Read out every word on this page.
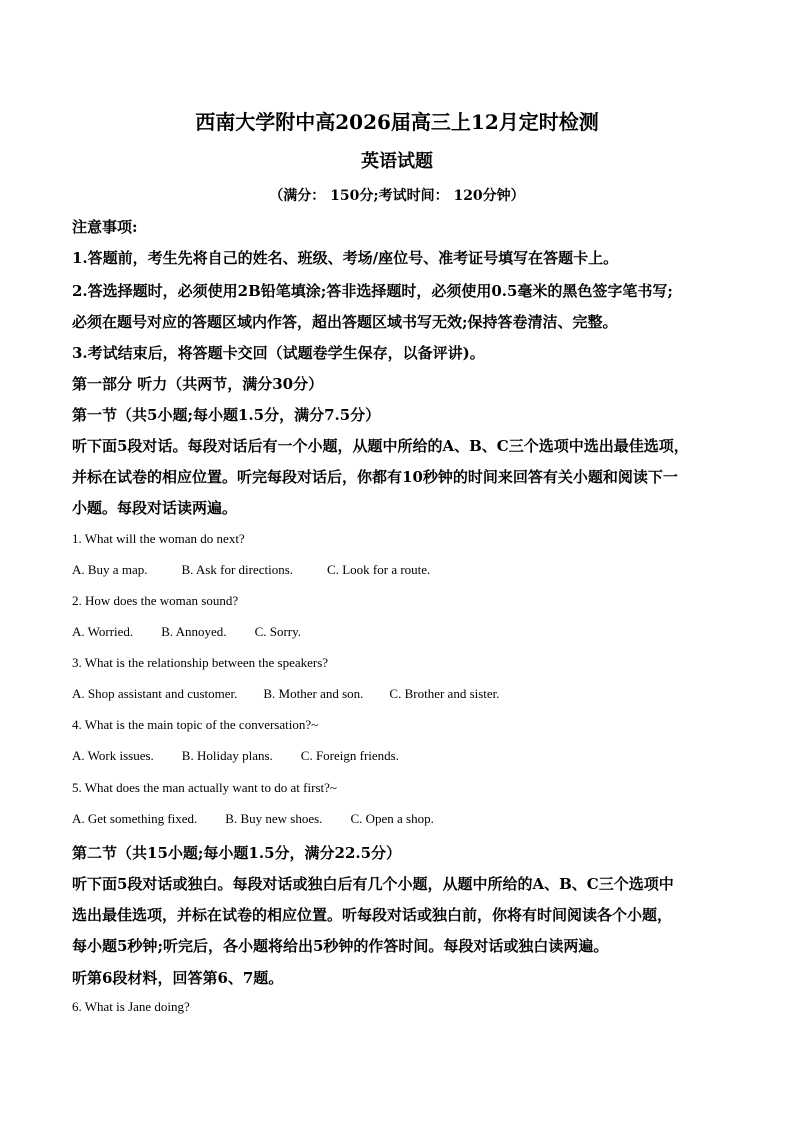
西南大学附中高2026届高三上12月定时检测
英语试题
（满分： 150分;考试时间： 120分钟）
注意事项:
1.答题前，考生先将自己的姓名、班级、考场/座位号、准考证号填写在答题卡上。
2.答选择题时，必须使用2B铅笔填涂;答非选择题时，必须使用0.5毫米的黑色签字笔书写;
必须在题号对应的答题区域内作答，超出答题区域书写无效;保持答卷清洁、完整。
3.考试结束后，将答题卡交回（试题卷学生保存，以备评讲)。
第一部分 听力（共两节，满分30分）
第一节（共5小题;每小题1.5分，满分7.5分）
听下面5段对话。每段对话后有一个小题，从题中所给的A、B、C三个选项中选出最佳选项，
并标在试卷的相应位置。听完每段对话后，你都有10秒钟的时间来回答有关小题和阅读下一
小题。每段对话读两遍。
1. What will the woman do next?
A. Buy a map.	B. Ask for directions.	C. Look for a route.
2. How does the woman sound?
A. Worried. B. Annoyed. C. Sorry.
3. What is the relationship between the speakers?
A. Shop assistant and customer. B. Mother and son. C. Brother and sister.
4. What is the main topic of the conversation?~
A. Work issues. B. Holiday plans. C. Foreign friends.
5. What does the man actually want to do at first?~
A. Get something fixed. B. Buy new shoes. C. Open a shop.
第二节（共15小题;每小题1.5分，满分22.5分）
听下面5段对话或独白。每段对话或独白后有几个小题，从题中所给的A、B、C三个选项中
选出最佳选项，并标在试卷的相应位置。听每段对话或独白前，你将有时间阅读各个小题，
每小题5秒钟;听完后，各小题将给出5秒钟的作答时间。每段对话或独白读两遍。
听第6段材料，回答第6、7题。
6. What is Jane doing?
